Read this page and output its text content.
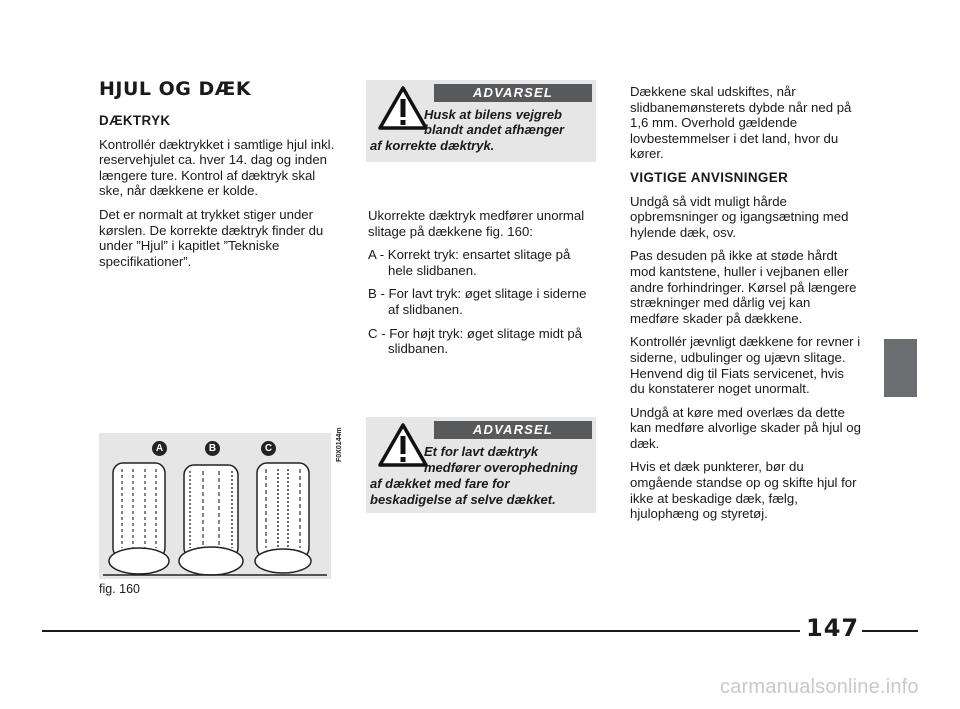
HJUL OG DÆK

DÆKTRYK

Kontrollér dæktrykket i samtlige hjul inkl. reservehjulet ca. hver 14. dag og inden længere ture. Kontrol af dæktryk skal ske, når dækkene er kolde.

Det er normalt at trykket stiger under kørslen. De korrekte dæktryk finder du under ”Hjul” i kapitlet ”Tekniske specifikationer”.

A	B	C	F0X0144m
fig. 160
ADVARSEL
Husk at bilens vejgreb
blandt andet afhænger
af korrekte dæktryk.

Ukorrekte dæktryk medfører unormal slitage på dækkene fig. 160:

A - Korrekt tryk: ensartet slitage på hele slidbanen.

B - For lavt tryk: øget slitage i siderne af slidbanen.

C - For højt tryk: øget slitage midt på slidbanen.

ADVARSEL
Et for lavt dæktryk
medfører overophedning
af dækket med fare for
beskadigelse af selve dækket.

Dækkene skal udskiftes, når slidbanemønsterets dybde når ned på 1,6 mm. Overhold gældende lovbestemmelser i det land, hvor du kører.

VIGTIGE ANVISNINGER

Undgå så vidt muligt hårde opbremsninger og igangsætning med hylende dæk, osv.

Pas desuden på ikke at støde hårdt mod kantstene, huller i vejbanen eller andre forhindringer. Kørsel på længere strækninger med dårlig vej kan medføre skader på dækkene.

Kontrollér jævnligt dækkene for revner i siderne, udbulinger og ujævn slitage. Henvend dig til Fiats servicenet, hvis du konstaterer noget unormalt.

Undgå at køre med overlæs da dette kan medføre alvorlige skader på hjul og dæk.

Hvis et dæk punkterer, bør du omgående standse op og skifte hjul for ikke at beskadige dæk, fælg, hjulophæng og styretøj.

147
carmanualsonline.info
